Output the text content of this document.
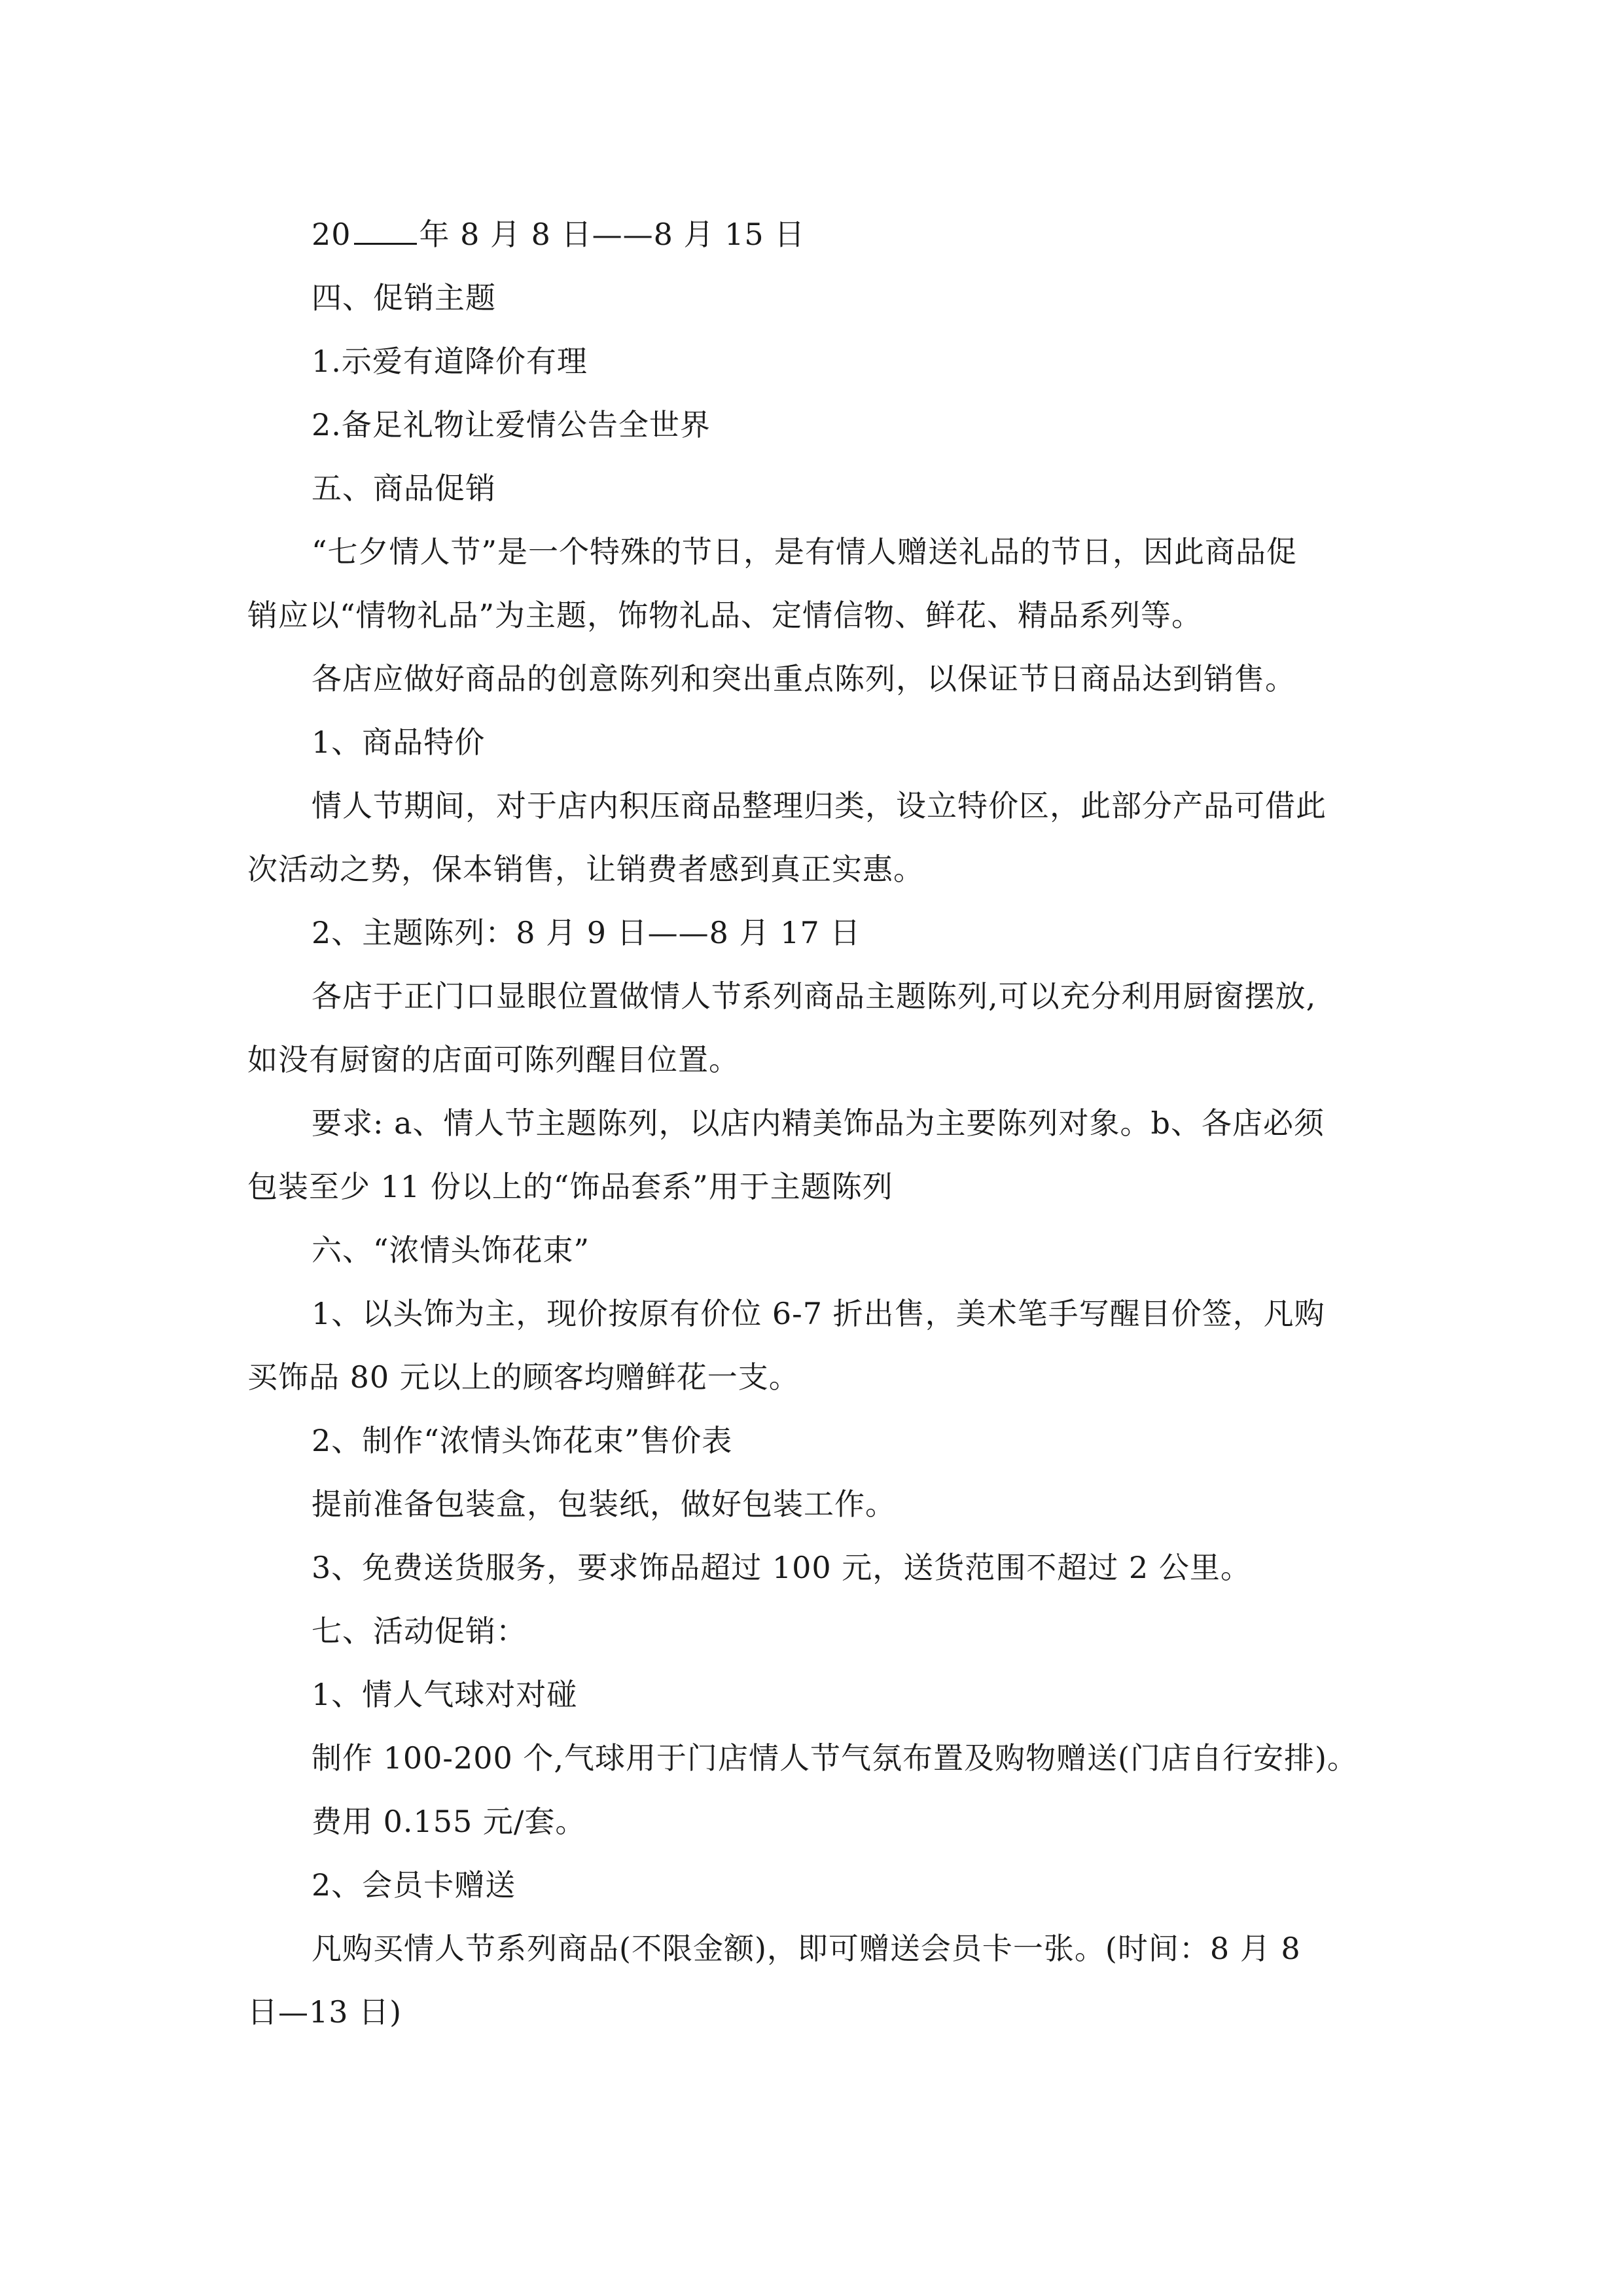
20 年 8 月 8 日——8 月 15 日
四、促销主题
1.示爱有道降价有理
2.备足礼物让爱情公告全世界
五、商品促销
“七夕情人节”是一个特殊的节日，是有情人赠送礼品的节日，因此商品促
销应以“情物礼品”为主题，饰物礼品、定情信物、鲜花、精品系列等。
各店应做好商品的创意陈列和突出重点陈列，以保证节日商品达到销售。
1、商品特价
情人节期间，对于店内积压商品整理归类，设立特价区，此部分产品可借此
次活动之势，保本销售，让销费者感到真正实惠。
2、主题陈列：8 月 9 日——8 月 17 日
各店于正门口显眼位置做情人节系列商品主题陈列,可以充分利用厨窗摆放,
如没有厨窗的店面可陈列醒目位置。
要求: a、情人节主题陈列，以店内精美饰品为主要陈列对象。b、各店必须
包装至少 11 份以上的“饰品套系”用于主题陈列
六、“浓情头饰花束”
1、以头饰为主，现价按原有价位 6-7 折出售，美术笔手写醒目价签，凡购
买饰品 80 元以上的顾客均赠鲜花一支。
2、制作“浓情头饰花束”售价表
提前准备包装盒，包装纸，做好包装工作。
3、免费送货服务，要求饰品超过 100 元，送货范围不超过 2 公里。
七、活动促销：
1、情人气球对对碰
制作 100-200 个,气球用于门店情人节气氛布置及购物赠送(门店自行安排)。
费用 0.155 元/套。
2、会员卡赠送
凡购买情人节系列商品(不限金额)，即可赠送会员卡一张。(时间：8 月 8
日—13 日)
